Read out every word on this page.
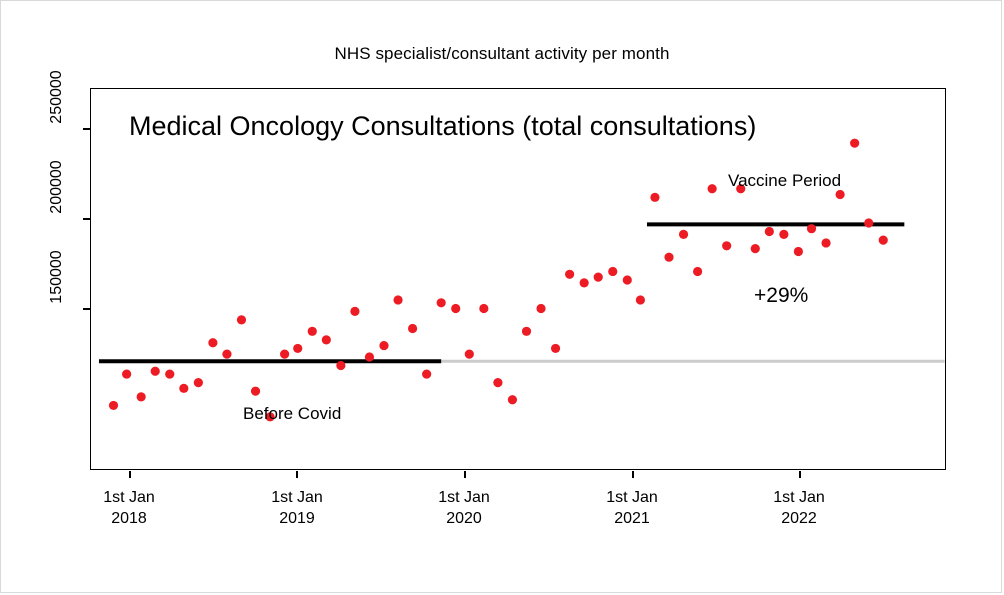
NHS specialist/consultant activity per month
150000
200000
250000
1st Jan
2018
1st Jan
2019
1st Jan
2020
1st Jan
2021
1st Jan
2022
Medical Oncology Consultations (total consultations)
Before Covid
Vaccine Period
+29%
